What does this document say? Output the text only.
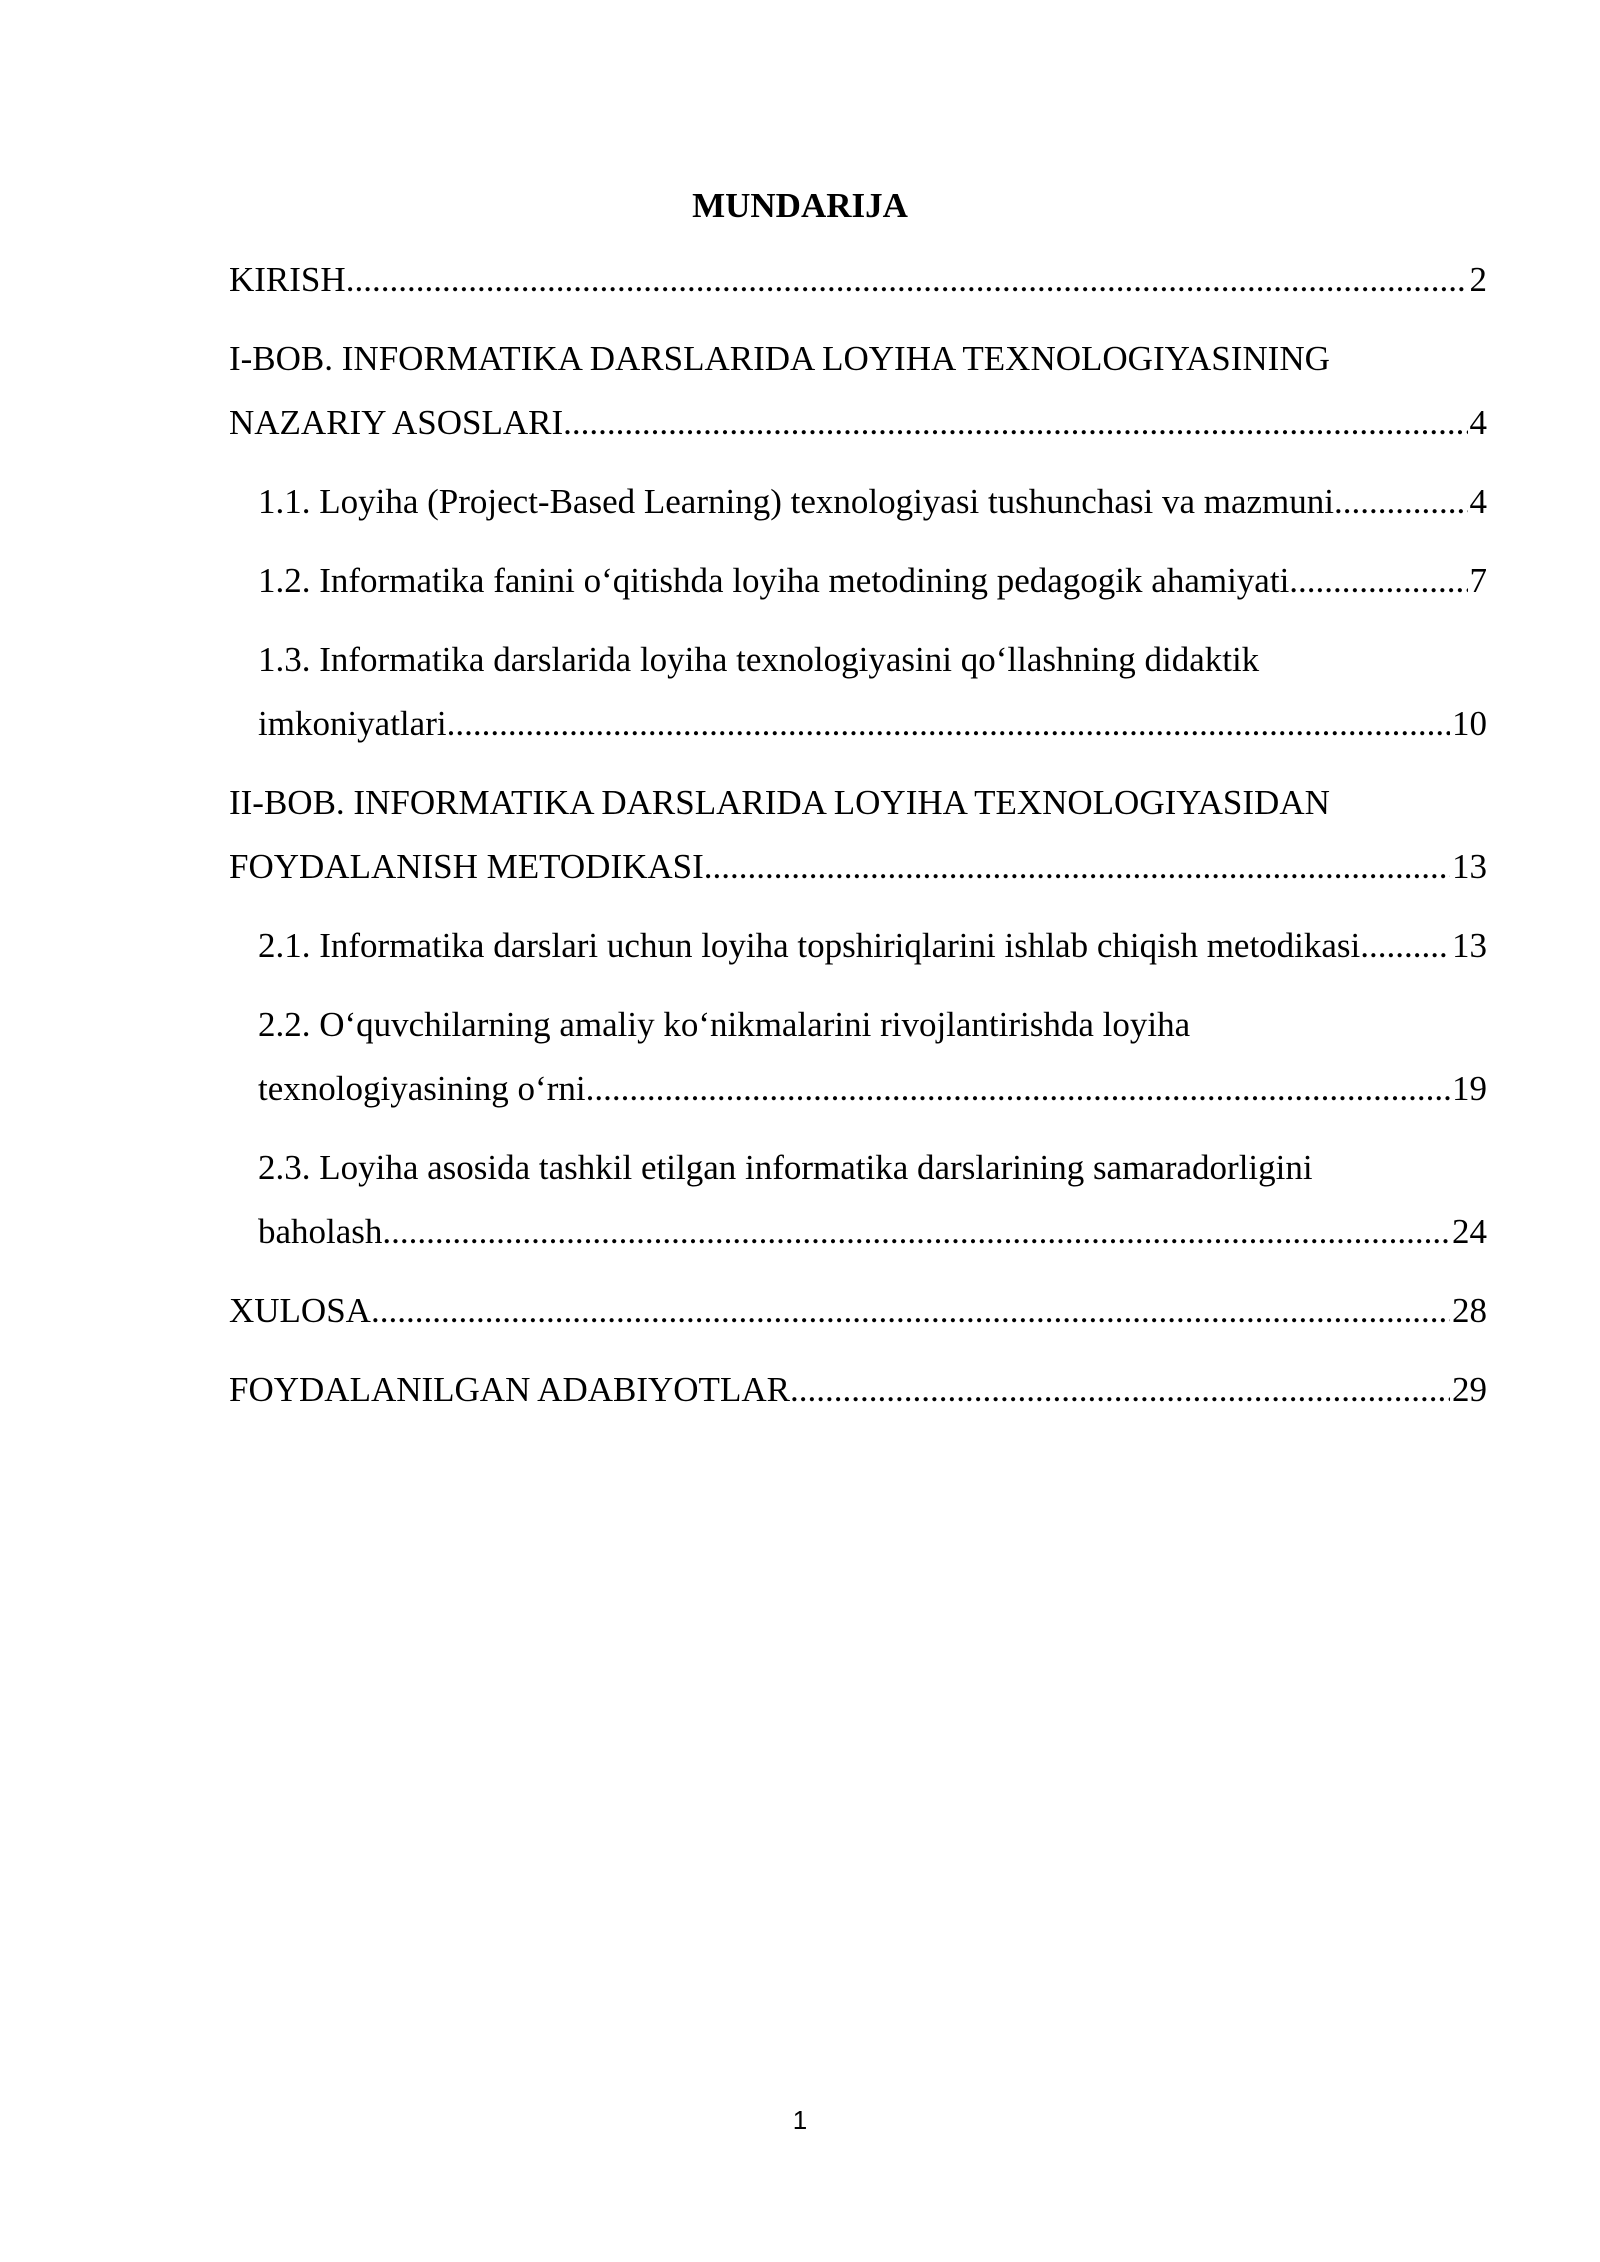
MUNDARIJA
KIRISH .....	2
I-BOB. INFORMATIKA DARSLARIDA LOYIHA TEXNOLOGIYASINING
NAZARIY ASOSLARI .....	4
1.1. Loyiha (Project-Based Learning) texnologiyasi tushunchasi va mazmuni .....	4
1.2. Informatika fanini o‘qitishda loyiha metodining pedagogik ahamiyati .....	7
1.3. Informatika darslarida loyiha texnologiyasini qo‘llashning didaktik
imkoniyatlari .....	10
II-BOB. INFORMATIKA DARSLARIDA LOYIHA TEXNOLOGIYASIDAN
FOYDALANISH METODIKASI .....	13
2.1. Informatika darslari uchun loyiha topshiriqlarini ishlab chiqish metodikasi .....	13
2.2. O‘quvchilarning amaliy ko‘nikmalarini rivojlantirishda loyiha
texnologiyasining o‘rni .....	19
2.3. Loyiha asosida tashkil etilgan informatika darslarining samaradorligini
baholash .....	24
XULOSA .....	28
FOYDALANILGAN ADABIYOTLAR .....	29
1
